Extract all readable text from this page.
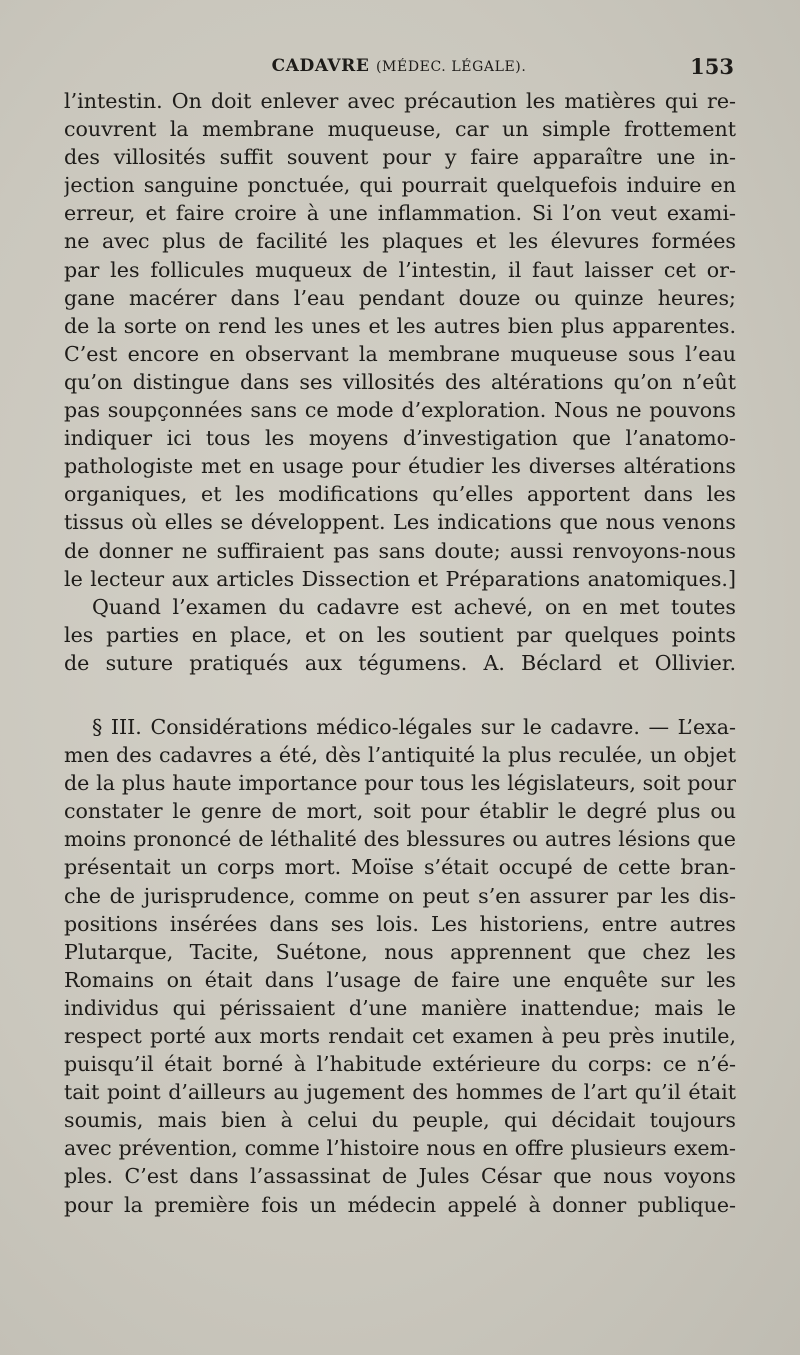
CADAVRE (MÉDEC. LÉGALE).	153
l’intestin. On doit enlever avec précaution les matières qui re-
couvrent la membrane muqueuse, car un simple frottement
des villosités suffit souvent pour y faire apparaître une in-
jection sanguine ponctuée, qui pourrait quelquefois induire en
erreur, et faire croire à une inflammation. Si l’on veut exami-
ne avec plus de facilité les plaques et les élevures formées
par les follicules muqueux de l’intestin, il faut laisser cet or-
gane macérer dans l’eau pendant douze ou quinze heures;
de la sorte on rend les unes et les autres bien plus apparentes.
C’est encore en observant la membrane muqueuse sous l’eau
qu’on distingue dans ses villosités des altérations qu’on n’eût
pas soupçonnées sans ce mode d’exploration. Nous ne pouvons
indiquer ici tous les moyens d’investigation que l’anatomo-
pathologiste met en usage pour étudier les diverses altérations
organiques, et les modifications qu’elles apportent dans les
tissus où elles se développent. Les indications que nous venons
de donner ne suffiraient pas sans doute; aussi renvoyons-nous
le lecteur aux articles Dissection et Préparations anatomiques.]
Quand l’examen du cadavre est achevé, on en met toutes
les parties en place, et on les soutient par quelques points
de suture pratiqués aux tégumens. A. Béclard et Ollivier.
§ III. Considérations médico-légales sur le cadavre. — L’exa-
men des cadavres a été, dès l’antiquité la plus reculée, un objet
de la plus haute importance pour tous les législateurs, soit pour
constater le genre de mort, soit pour établir le degré plus ou
moins prononcé de léthalité des blessures ou autres lésions que
présentait un corps mort. Moïse s’était occupé de cette bran-
che de jurisprudence, comme on peut s’en assurer par les dis-
positions insérées dans ses lois. Les historiens, entre autres
Plutarque, Tacite, Suétone, nous apprennent que chez les
Romains on était dans l’usage de faire une enquête sur les
individus qui périssaient d’une manière inattendue; mais le
respect porté aux morts rendait cet examen à peu près inutile,
puisqu’il était borné à l’habitude extérieure du corps: ce n’é-
tait point d’ailleurs au jugement des hommes de l’art qu’il était
soumis, mais bien à celui du peuple, qui décidait toujours
avec prévention, comme l’histoire nous en offre plusieurs exem-
ples. C’est dans l’assassinat de Jules César que nous voyons
pour la première fois un médecin appelé à donner publique-
